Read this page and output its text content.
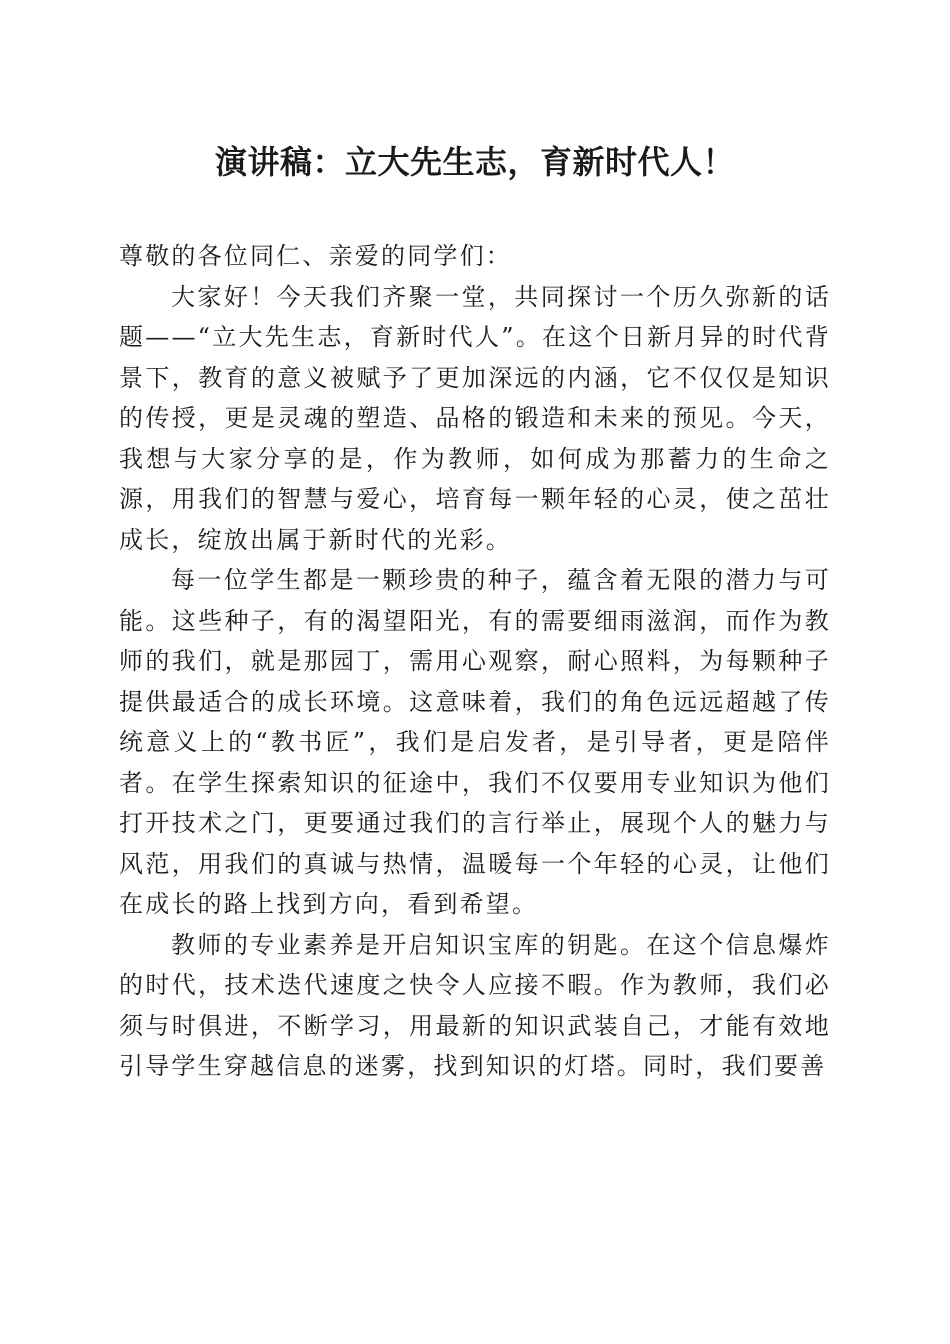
演讲稿：立大先生志，育新时代人！

尊敬的各位同仁、亲爱的同学们：

大家好！今天我们齐聚一堂，共同探讨一个历久弥新的话题——“立大先生志，育新时代人”。在这个日新月异的时代背景下，教育的意义被赋予了更加深远的内涵，它不仅仅是知识的传授，更是灵魂的塑造、品格的锻造和未来的预见。今天，我想与大家分享的是，作为教师，如何成为那蓄力的生命之源，用我们的智慧与爱心，培育每一颗年轻的心灵，使之茁壮成长，绽放出属于新时代的光彩。

每一位学生都是一颗珍贵的种子，蕴含着无限的潜力与可能。这些种子，有的渴望阳光，有的需要细雨滋润，而作为教师的我们，就是那园丁，需用心观察，耐心照料，为每颗种子提供最适合的成长环境。这意味着，我们的角色远远超越了传统意义上的“教书匠”，我们是启发者，是引导者，更是陪伴者。在学生探索知识的征途中，我们不仅要用专业知识为他们打开技术之门，更要通过我们的言行举止，展现个人的魅力与风范，用我们的真诚与热情，温暖每一个年轻的心灵，让他们在成长的路上找到方向，看到希望。

教师的专业素养是开启知识宝库的钥匙。在这个信息爆炸的时代，技术迭代速度之快令人应接不暇。作为教师，我们必须与时俱进，不断学习，用最新的知识武装自己，才能有效地引导学生穿越信息的迷雾，找到知识的灯塔。同时，我们要善
